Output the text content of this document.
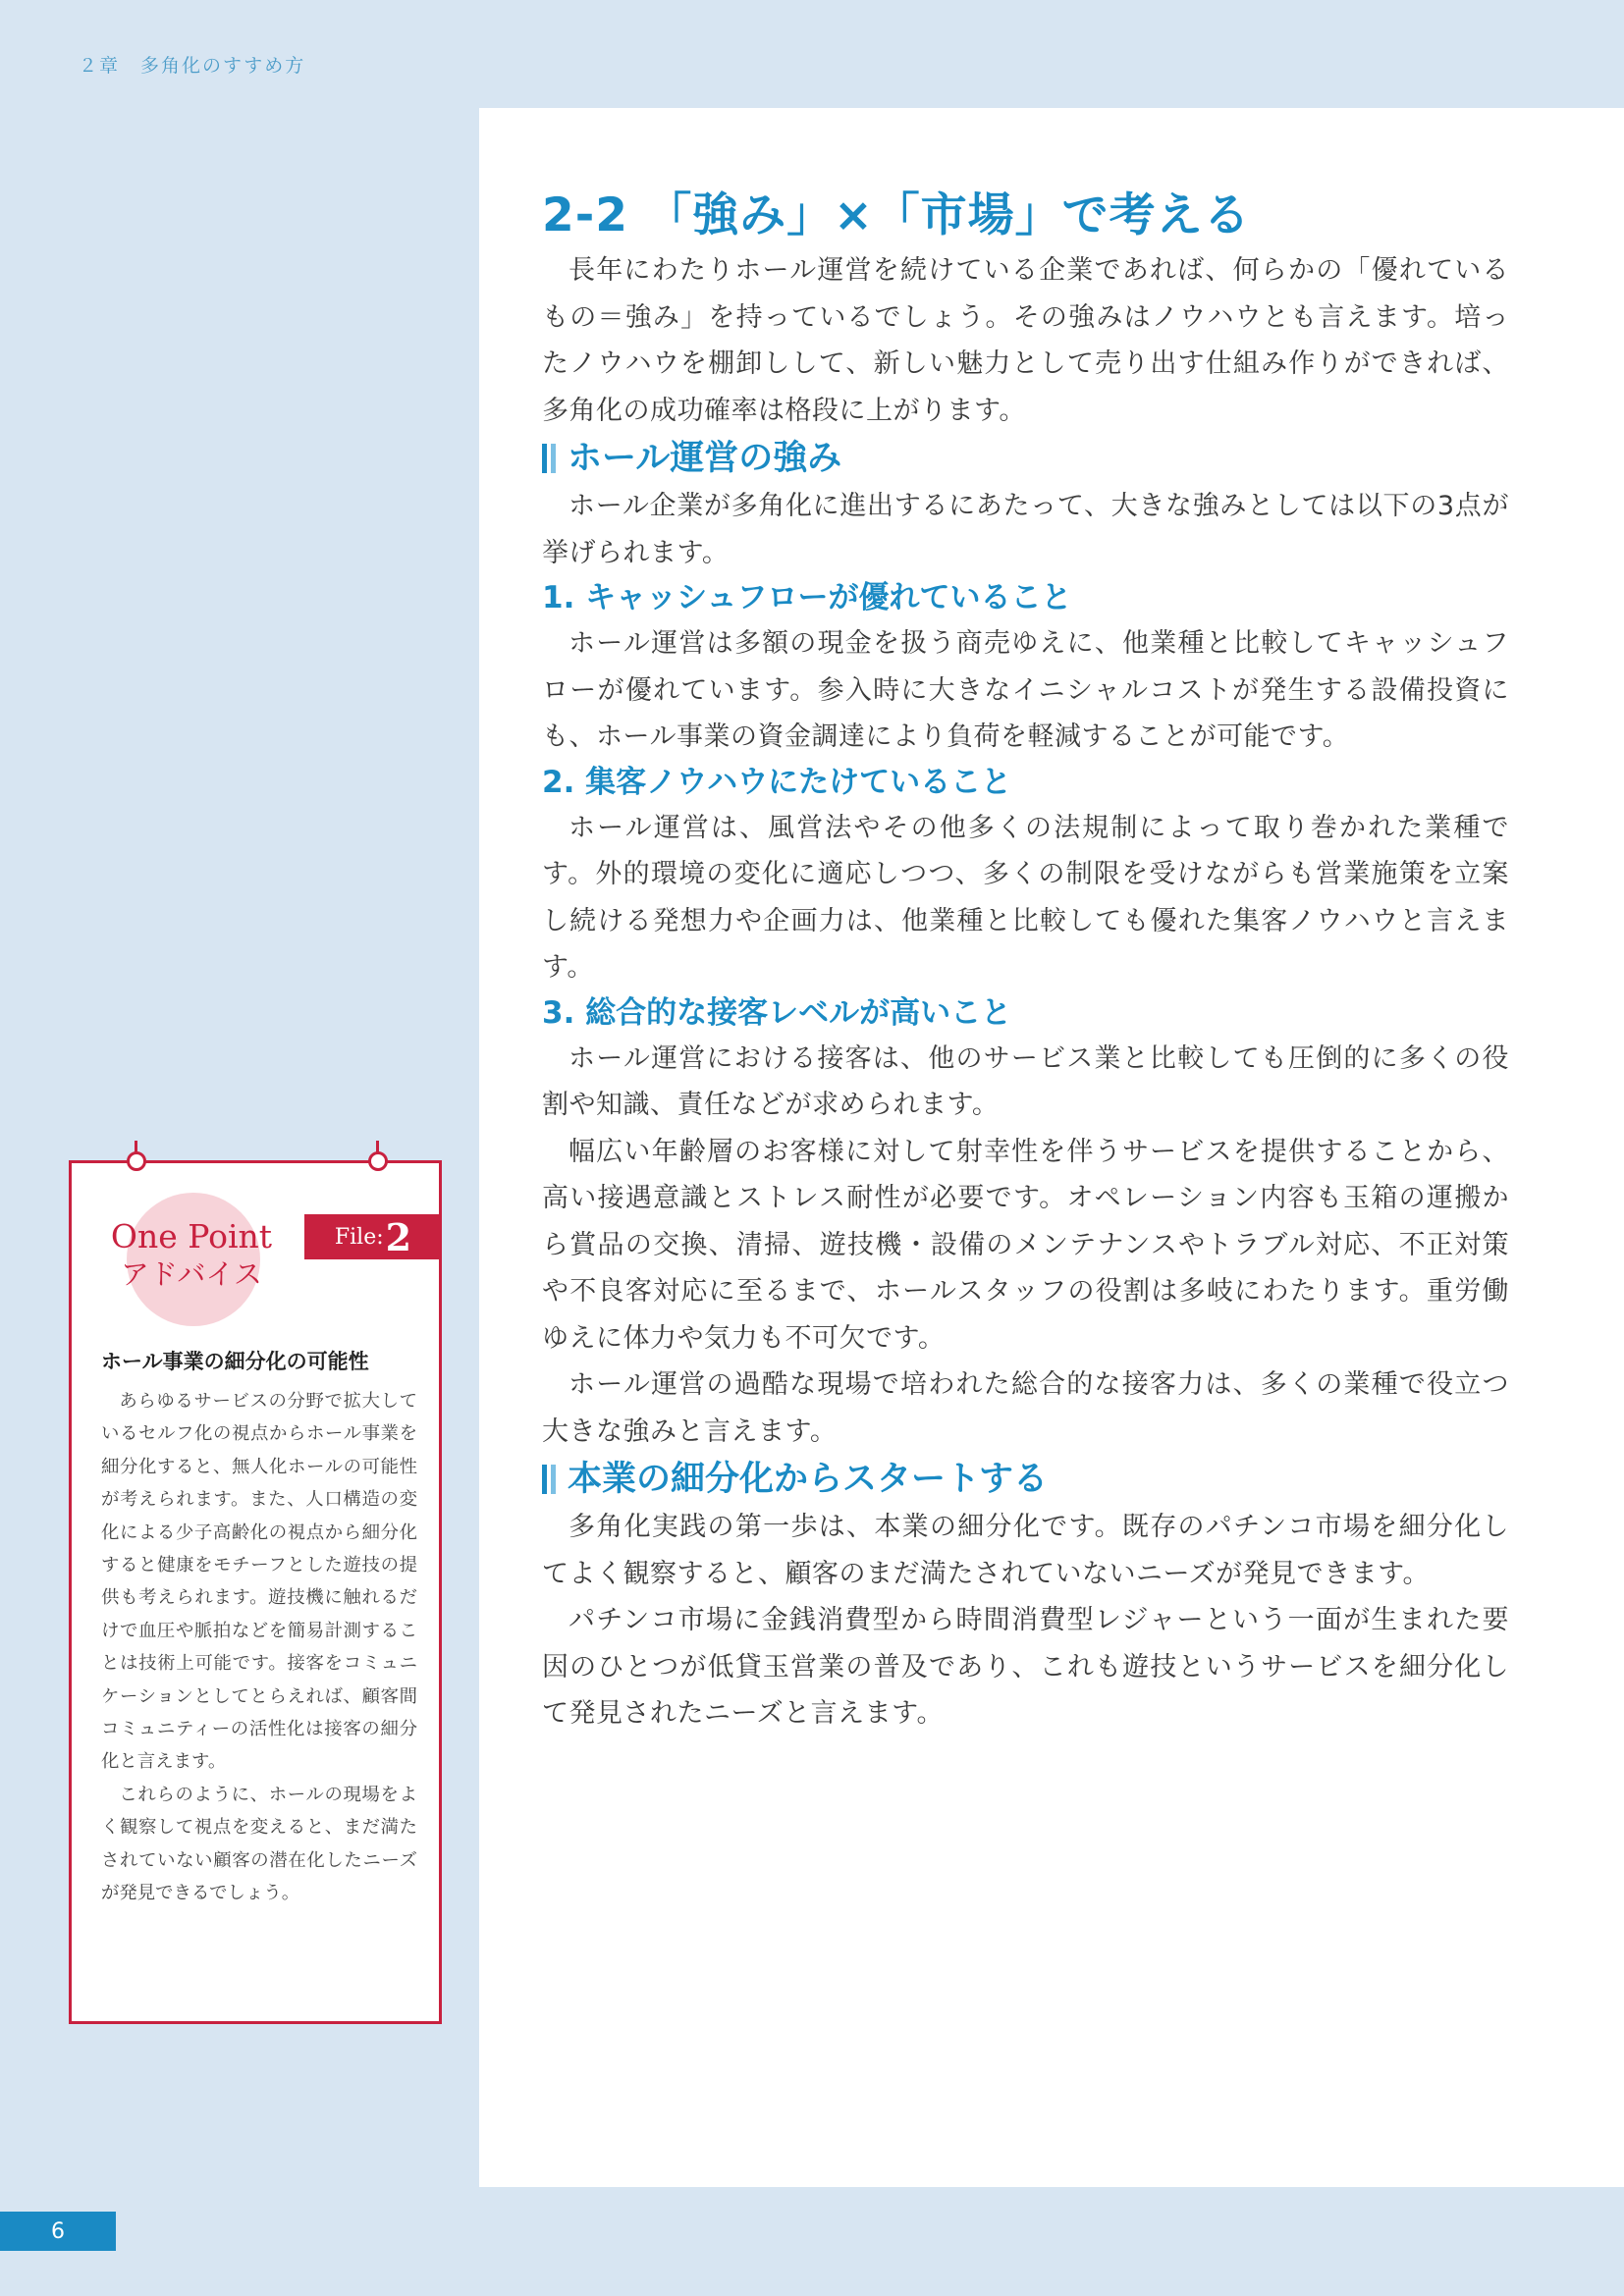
２章　多角化のすすめ方
2-2 「強み」×「市場」で考える

長年にわたりホール運営を続けている企業であれば、何らかの「優れているもの＝強み」を持っているでしょう。その強みはノウハウとも言えます。培ったノウハウを棚卸しして、新しい魅力として売り出す仕組み作りができれば、多角化の成功確率は格段に上がります。

ホール運営の強み

ホール企業が多角化に進出するにあたって、大きな強みとしては以下の3点が挙げられます。

1. キャッシュフローが優れていること

ホール運営は多額の現金を扱う商売ゆえに、他業種と比較してキャッシュフローが優れています。参入時に大きなイニシャルコストが発生する設備投資にも、ホール事業の資金調達により負荷を軽減することが可能です。

2. 集客ノウハウにたけていること

ホール運営は、風営法やその他多くの法規制によって取り巻かれた業種です。外的環境の変化に適応しつつ、多くの制限を受けながらも営業施策を立案し続ける発想力や企画力は、他業種と比較しても優れた集客ノウハウと言えます。

3. 総合的な接客レベルが高いこと

ホール運営における接客は、他のサービス業と比較しても圧倒的に多くの役割や知識、責任などが求められます。

幅広い年齢層のお客様に対して射幸性を伴うサービスを提供することから、高い接遇意識とストレス耐性が必要です。オペレーション内容も玉箱の運搬から賞品の交換、清掃、遊技機・設備のメンテナンスやトラブル対応、不正対策や不良客対応に至るまで、ホールスタッフの役割は多岐にわたります。重労働ゆえに体力や気力も不可欠です。

ホール運営の過酷な現場で培われた総合的な接客力は、多くの業種で役立つ大きな強みと言えます。

本業の細分化からスタートする

多角化実践の第一歩は、本業の細分化です。既存のパチンコ市場を細分化してよく観察すると、顧客のまだ満たされていないニーズが発見できます。

パチンコ市場に金銭消費型から時間消費型レジャーという一面が生まれた要因のひとつが低貸玉営業の普及であり、これも遊技というサービスを細分化して発見されたニーズと言えます。

One Point
アドバイス
File: 2
ホール事業の細分化の可能性

あらゆるサービスの分野で拡大しているセルフ化の視点からホール事業を細分化すると、無人化ホールの可能性が考えられます。また、人口構造の変化による少子高齢化の視点から細分化すると健康をモチーフとした遊技の提供も考えられます。遊技機に触れるだけで血圧や脈拍などを簡易計測することは技術上可能です。接客をコミュニケーションとしてとらえれば、顧客間コミュニティーの活性化は接客の細分化と言えます。

これらのように、ホールの現場をよく観察して視点を変えると、まだ満たされていない顧客の潜在化したニーズが発見できるでしょう。

6
